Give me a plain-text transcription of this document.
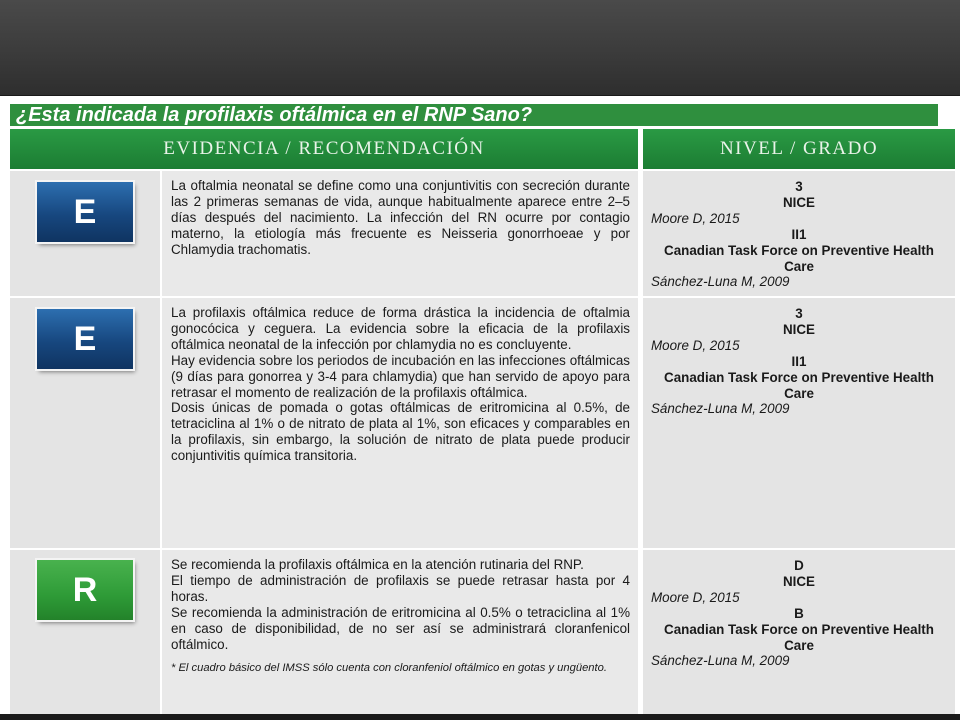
¿Esta indicada la profilaxis oftálmica en el RNP Sano?
EVIDENCIA / RECOMENDACIÓN	NIVEL / GRADO
E

La oftalmia neonatal se define como una conjuntivitis con secreción durante las 2 primeras semanas de vida, aunque habitualmente aparece entre 2–5 días después del nacimiento. La infección del RN ocurre por contagio materno, la etiología más frecuente es Neisseria gonorrhoeae y por Chlamydia trachomatis.

3
NICE
Moore D, 2015
II1
Canadian Task Force on Preventive Health Care
Sánchez-Luna M, 2009
E

La profilaxis oftálmica reduce de forma drástica la incidencia de oftalmia gonocócica y ceguera. La evidencia sobre la eficacia de la profilaxis oftálmica neonatal de la infección por chlamydia no es concluyente.

Hay evidencia sobre los periodos de incubación en las infecciones oftálmicas (9 días para gonorrea y 3-4 para chlamydia) que han servido de apoyo para retrasar el momento de realización de la profilaxis oftálmica.

Dosis únicas de pomada o gotas oftálmicas de eritromicina al 0.5%, de tetraciclina al 1% o de nitrato de plata al 1%, son eficaces y comparables en la profilaxis, sin embargo, la solución de nitrato de plata puede producir conjuntivitis química transitoria.

3
NICE
Moore D, 2015
II1
Canadian Task Force on Preventive Health Care
Sánchez-Luna M, 2009
R

Se recomienda la profilaxis oftálmica en la atención rutinaria del RNP.

El tiempo de administración de profilaxis se puede retrasar hasta por 4 horas.

Se recomienda la administración de eritromicina al 0.5% o tetraciclina al 1% en caso de disponibilidad, de no ser así se administrará cloranfenicol oftálmico.

* El cuadro básico del IMSS sólo cuenta con cloranfeniol oftálmico en gotas y ungüento.

D
NICE
Moore D, 2015
B
Canadian Task Force on Preventive Health Care
Sánchez-Luna M, 2009
